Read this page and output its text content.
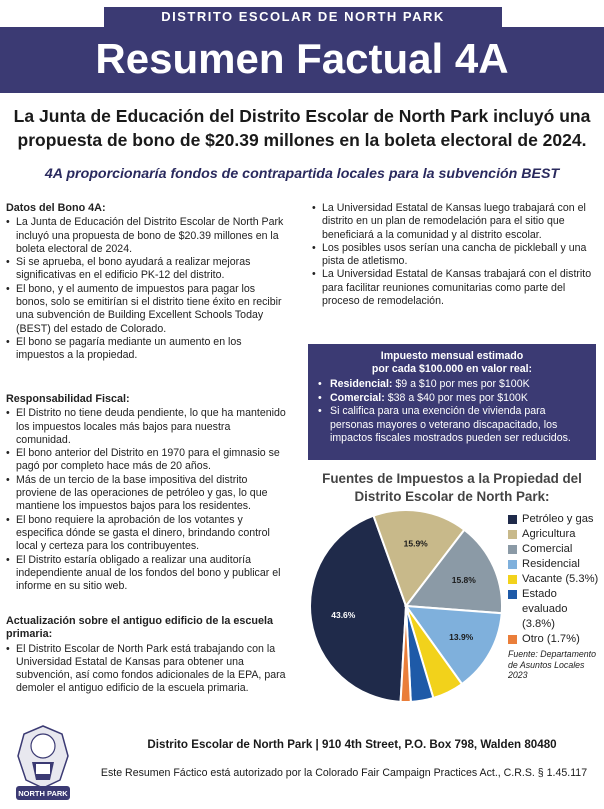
DISTRITO ESCOLAR DE NORTH PARK
Resumen Factual 4A
La Junta de Educación del Distrito Escolar de North Park incluyó una propuesta de bono de $20.39 millones en la boleta electoral de 2024.
4A proporcionaría fondos de contrapartida locales para la subvención BEST
Datos del Bono 4A:
• La Junta de Educación del Distrito Escolar de North Park incluyó una propuesta de bono de $20.39 millones en la boleta electoral de 2024.
• Si se aprueba, el bono ayudará a realizar mejoras significativas en el edificio PK-12 del distrito.
• El bono, y el aumento de impuestos para pagar los bonos, solo se emitirían si el distrito tiene éxito en recibir una subvención de Building Excellent Schools Today (BEST) del estado de Colorado.
• El bono se pagaría mediante un aumento en los impuestos a la propiedad.
Responsabilidad Fiscal:
• El Distrito no tiene deuda pendiente, lo que ha mantenido los impuestos locales más bajos para nuestra comunidad.
• El bono anterior del Distrito en 1970 para el gimnasio se pagó por completo hace más de 20 años.
• Más de un tercio de la base impositiva del distrito proviene de las operaciones de petróleo y gas, lo que mantiene los impuestos bajos para los residentes.
• El bono requiere la aprobación de los votantes y especifica dónde se gasta el dinero, brindando control local y certeza para los contribuyentes.
• El Distrito estaría obligado a realizar una auditoría independiente anual de los fondos del bono y publicar el informe en su sitio web.
Actualización sobre el antiguo edificio de la escuela primaria:
• El Distrito Escolar de North Park está trabajando con la Universidad Estatal de Kansas para obtener una subvención, así como fondos adicionales de la EPA, para demoler el antiguo edificio de la escuela primaria.
• La Universidad Estatal de Kansas luego trabajará con el distrito en un plan de remodelación para el sitio que beneficiará a la comunidad y al distrito escolar.
• Los posibles usos serían una cancha de pickleball y una pista de atletismo.
• La Universidad Estatal de Kansas trabajará con el distrito para facilitar reuniones comunitarias como parte del proceso de remodelación.
Impuesto mensual estimado
por cada $100.000 en valor real:
• Residencial: $9 a $10 por mes por $100K
• Comercial: $38 a $40 por mes por $100K
• Si califica para una exención de vivienda para personas mayores o veterano discapacitado, los impactos fiscales mostrados pueden ser reducidos.
Fuentes de Impuestos a la Propiedad del Distrito Escolar de North Park:
43.6%
15.9%
15.8%
13.9%
Petróleo y gas
Agricultura
Comercial
Residencial
Vacante (5.3%)
Estado evaluado (3.8%)
Otro (1.7%)
Fuente: Departamento de Asuntos Locales 2023
NORTH PARK
Distrito Escolar de North Park | 910 4th Street, P.O. Box 798, Walden 80480
Este Resumen Fáctico está autorizado por la Colorado Fair Campaign Practices Act., C.R.S. § 1.45.117
